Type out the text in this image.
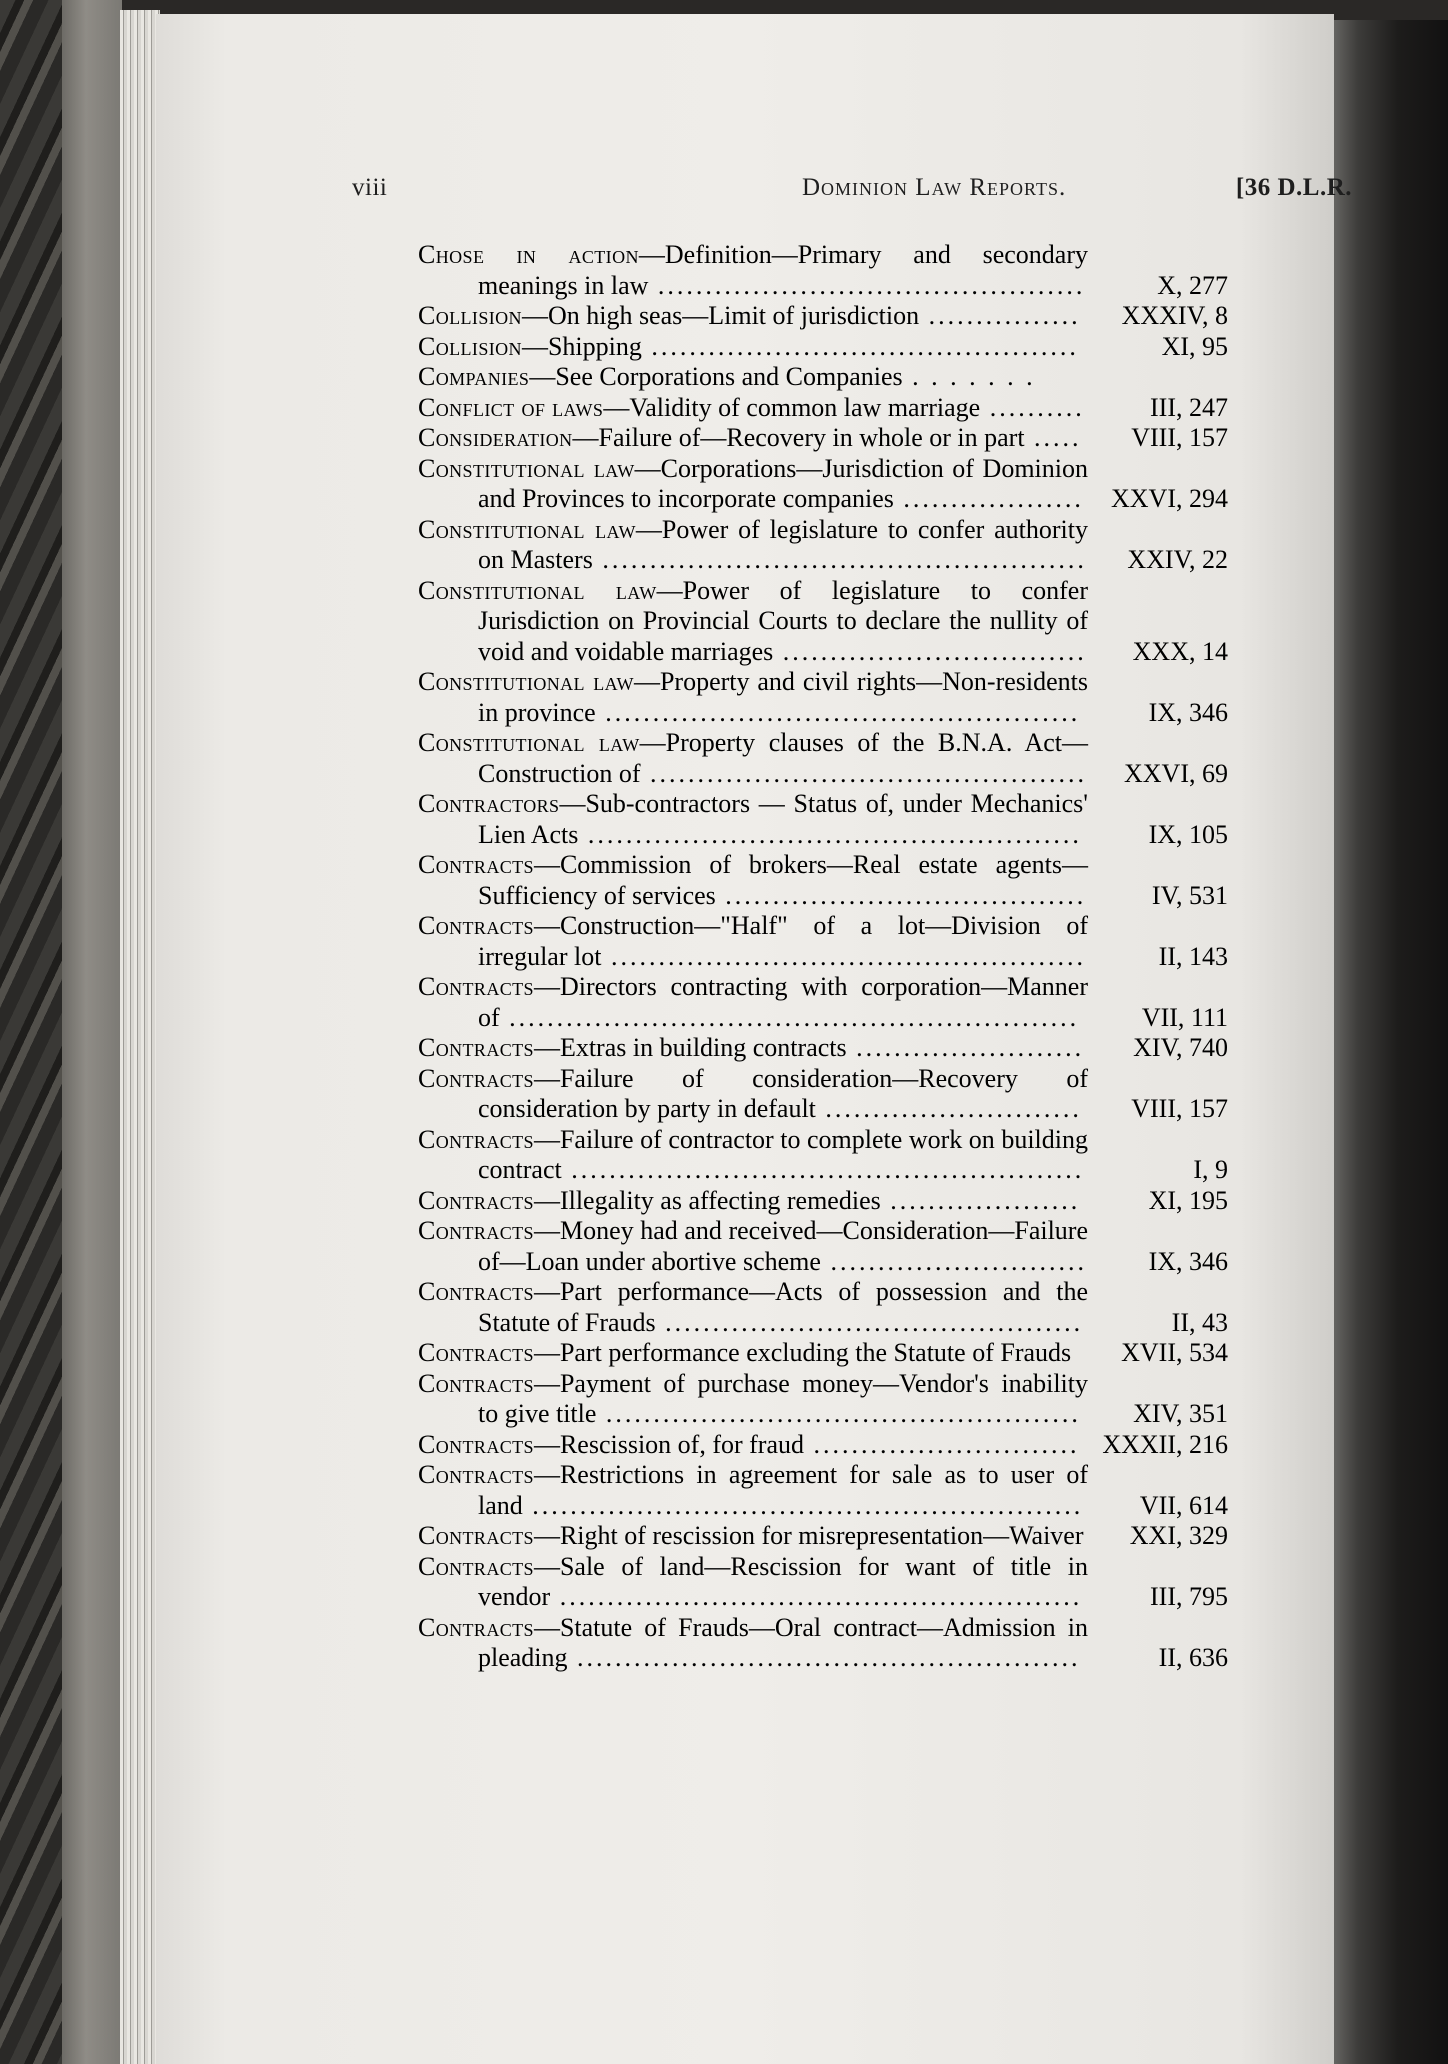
viii	Dominion Law Reports.	[36 D.L.R.
Chose in action—Definition—Primary and secondary meanings in law .............................................	X, 277
Collision—On high seas—Limit of jurisdiction ................ XXXIV, 8
Collision—Shipping .............................................	XI, 95
Companies—See Corporations and Companies . . . . . . .
Conflict of laws—Validity of common law marriage ..........	III, 247
Consideration—Failure of—Recovery in whole or in part ..... VIII, 157
Constitutional law—Corporations—Jurisdiction of Dominion and Provinces to incorporate companies ................... XXVI, 294
Constitutional law—Power of legislature to confer authority on Masters ................................................... XXIV, 22
Constitutional law—Power of legislature to confer Jurisdiction on Provincial Courts to declare the nullity of void and voidable marriages ................................ XXX, 14
Constitutional law—Property and civil rights—Non-residents in province ..................................................	IX, 346
Constitutional law—Property clauses of the B.N.A. Act—Construction of .............................................. XXVI, 69
Contractors—Sub-contractors — Status of, under Mechanics' Lien Acts ....................................................	IX, 105
Contracts—Commission of brokers—Real estate agents—Sufficiency of services ......................................	IV, 531
Contracts—Construction—"Half" of a lot—Division of irregular lot ..................................................	II, 143
Contracts—Directors contracting with corporation—Manner of ............................................................ VII, 111
Contracts—Extras in building contracts ........................ XIV, 740
Contracts—Failure of consideration—Recovery of consideration by party in default ........................... VIII, 157
Contracts—Failure of contractor to complete work on building contract ......................................................	I, 9
Contracts—Illegality as affecting remedies ....................	XI, 195
Contracts—Money had and received—Consideration—Failure of—Loan under abortive scheme ........................... IX, 346
Contracts—Part performance—Acts of possession and the Statute of Frauds ............................................	II, 43
Contracts—Part performance excluding the Statute of Frauds XVII, 534
Contracts—Payment of purchase money—Vendor's inability to give title .................................................. XIV, 351
Contracts—Rescission of, for fraud ............................ XXXII, 216
Contracts—Restrictions in agreement for sale as to user of land .......................................................... VII, 614
Contracts—Right of rescission for misrepresentation—Waiver XXI, 329
Contracts—Sale of land—Rescission for want of title in vendor .......................................................	III, 795
Contracts—Statute of Frauds—Oral contract—Admission in pleading .....................................................	II, 636
